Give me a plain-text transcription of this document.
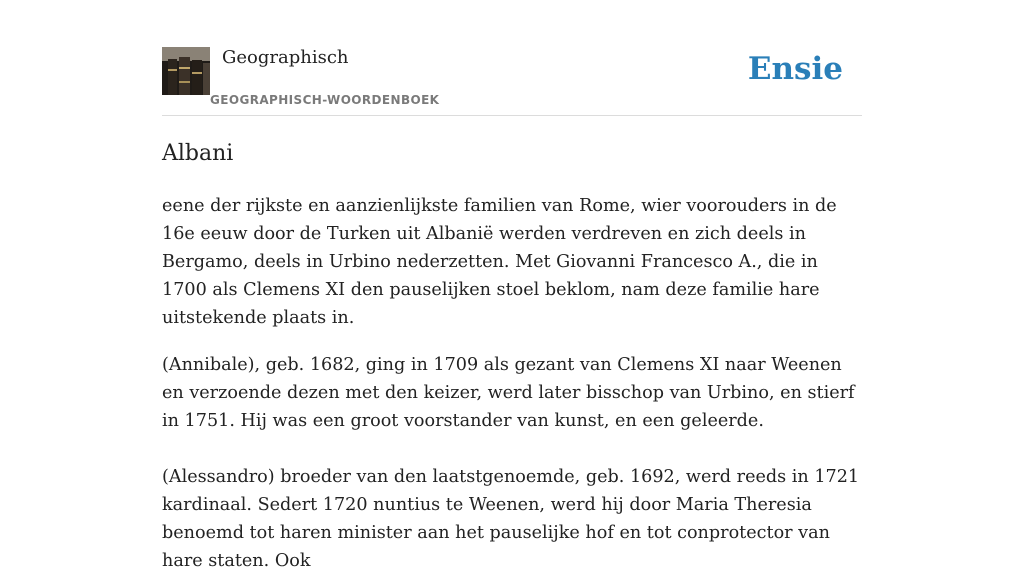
Geographisch
GEOGRAPHISCH-WOORDENBOEK
Ensie
Albani

eene der rijkste en aanzienlijkste familien van Rome, wier voorouders in de 16e eeuw door de Turken uit Albanië werden verdreven en zich deels in Bergamo, deels in Urbino nederzetten. Met Giovanni Francesco A., die in 1700 als Clemens XI den pauselijken stoel beklom, nam deze familie hare uitstekende plaats in.

(Annibale), geb. 1682, ging in 1709 als gezant van Clemens XI naar Weenen en verzoende dezen met den keizer, werd later bisschop van Urbino, en stierf in 1751. Hij was een groot voorstander van kunst, en een geleerde.

(Alessandro) broeder van den laatstgenoemde, geb. 1692, werd reeds in 1721 kardinaal. Sedert 1720 nuntius te Weenen, werd hij door Maria Theresia benoemd tot haren minister aan het pauselijke hof en tot conprotector van hare staten. Ook
